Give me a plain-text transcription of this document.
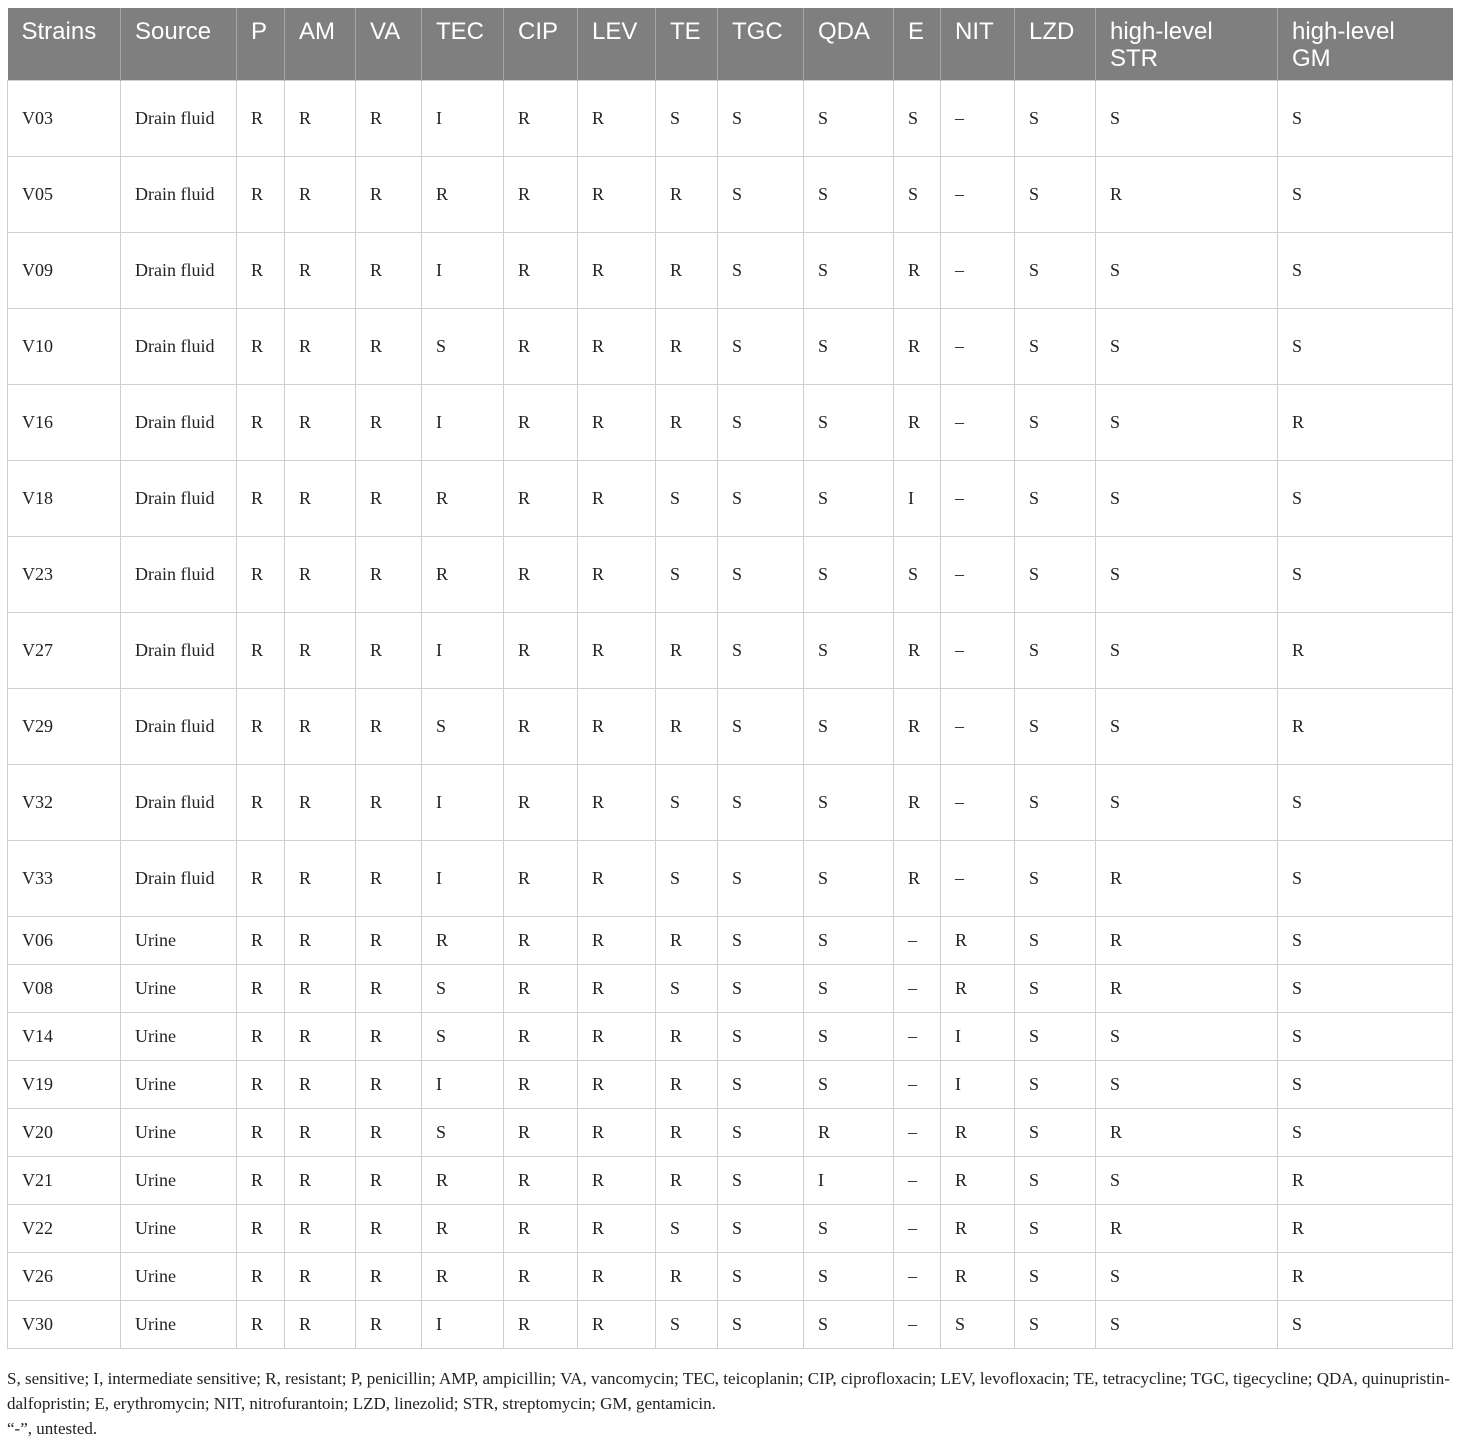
Strains	Source	P	AM	VA	TEC	CIP	LEV	TE	TGC	QDA	E	NIT	LZD	high-level STR	high-level GM
V03	Drain fluid	R	R	R	I	R	R	S	S	S	S	–	S	S	S
V05	Drain fluid	R	R	R	R	R	R	R	S	S	S	–	S	R	S
V09	Drain fluid	R	R	R	I	R	R	R	S	S	R	–	S	S	S
V10	Drain fluid	R	R	R	S	R	R	R	S	S	R	–	S	S	S
V16	Drain fluid	R	R	R	I	R	R	R	S	S	R	–	S	S	R
V18	Drain fluid	R	R	R	R	R	R	S	S	S	I	–	S	S	S
V23	Drain fluid	R	R	R	R	R	R	S	S	S	S	–	S	S	S
V27	Drain fluid	R	R	R	I	R	R	R	S	S	R	–	S	S	R
V29	Drain fluid	R	R	R	S	R	R	R	S	S	R	–	S	S	R
V32	Drain fluid	R	R	R	I	R	R	S	S	S	R	–	S	S	S
V33	Drain fluid	R	R	R	I	R	R	S	S	S	R	–	S	R	S
V06	Urine	R	R	R	R	R	R	R	S	S	–	R	S	R	S
V08	Urine	R	R	R	S	R	R	S	S	S	–	R	S	R	S
V14	Urine	R	R	R	S	R	R	R	S	S	–	I	S	S	S
V19	Urine	R	R	R	I	R	R	R	S	S	–	I	S	S	S
V20	Urine	R	R	R	S	R	R	R	S	R	–	R	S	R	S
V21	Urine	R	R	R	R	R	R	R	S	I	–	R	S	S	R
V22	Urine	R	R	R	R	R	R	S	S	S	–	R	S	R	R
V26	Urine	R	R	R	R	R	R	R	S	S	–	R	S	S	R
V30	Urine	R	R	R	I	R	R	S	S	S	–	S	S	S	S

S, sensitive; I, intermediate sensitive; R, resistant; P, penicillin; AMP, ampicillin; VA, vancomycin; TEC, teicoplanin; CIP, ciprofloxacin; LEV, levofloxacin; TE, tetracycline; TGC, tigecycline; QDA, quinupristin-dalfopristin; E, erythromycin; NIT, nitrofurantoin; LZD, linezolid; STR, streptomycin; GM, gentamicin.

“-”, untested.
